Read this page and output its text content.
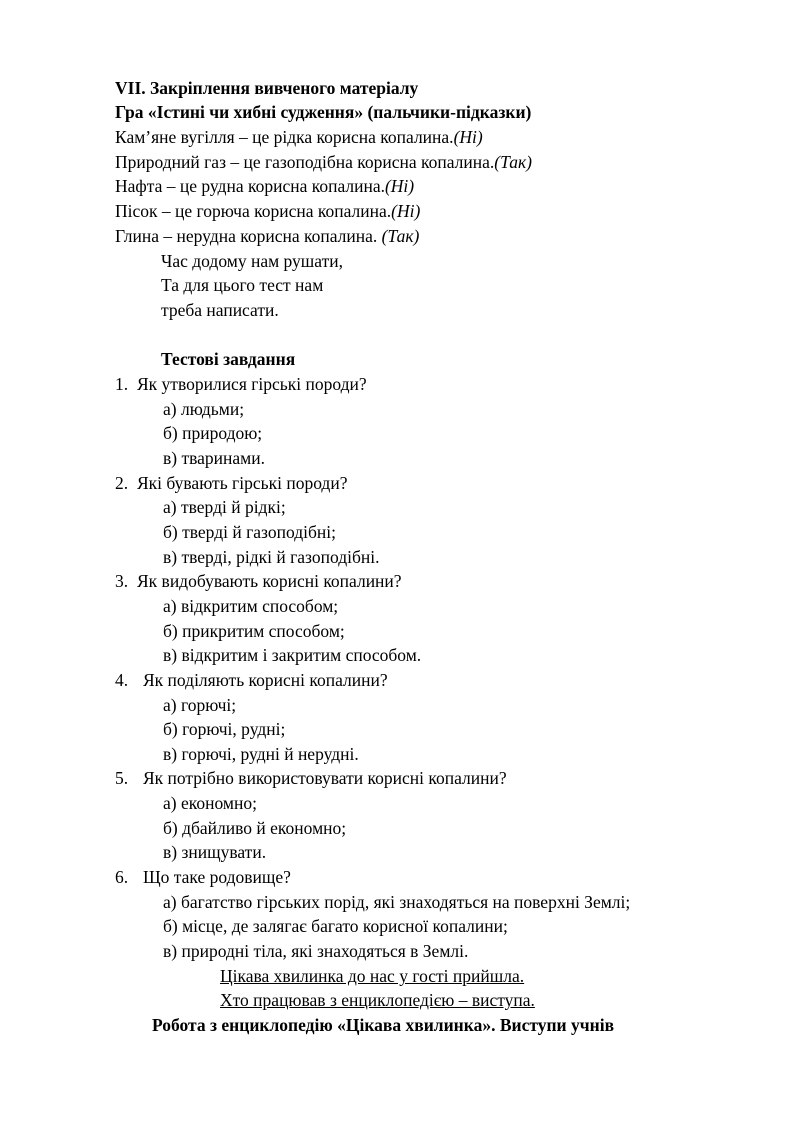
VII. Закріплення вивченого матеріалу
Гра «Істині чи хибні судження» (пальчики-підказки)
Кам’яне вугілля – це рідка корисна копалина.(Ні)
Природний газ – це газоподібна корисна копалина.(Так)
Нафта – це рудна корисна копалина.(Ні)
Пісок – це горюча корисна копалина.(Ні)
Глина – нерудна корисна копалина. (Так)
Час додому нам рушати,
Та для цього тест нам
треба написати.
Тестові завдання
1. Як утворилися гірські породи?
а) людьми;
б) природою;
в) тваринами.
2. Які бувають гірські породи?
а) тверді й рідкі;
б) тверді й газоподібні;
в) тверді, рідкі й газоподібні.
3. Як видобувають корисні копалини?
а) відкритим способом;
б) прикритим способом;
в) відкритим і закритим способом.
4. Як поділяють корисні копалини?
а) горючі;
б) горючі, рудні;
в) горючі, рудні й нерудні.
5. Як потрібно використовувати корисні копалини?
а) економно;
б) дбайливо й економно;
в) знищувати.
6. Що таке родовище?
а) багатство гірських порід, які знаходяться на поверхні Землі;
б) місце, де залягає багато корисної копалини;
в) природні тіла, які знаходяться в Землі.
Цікава хвилинка до нас у гості прийшла.
Хто працював з енциклопедією – виступа.
Робота з енциклопедію «Цікава хвилинка». Виступи учнів
